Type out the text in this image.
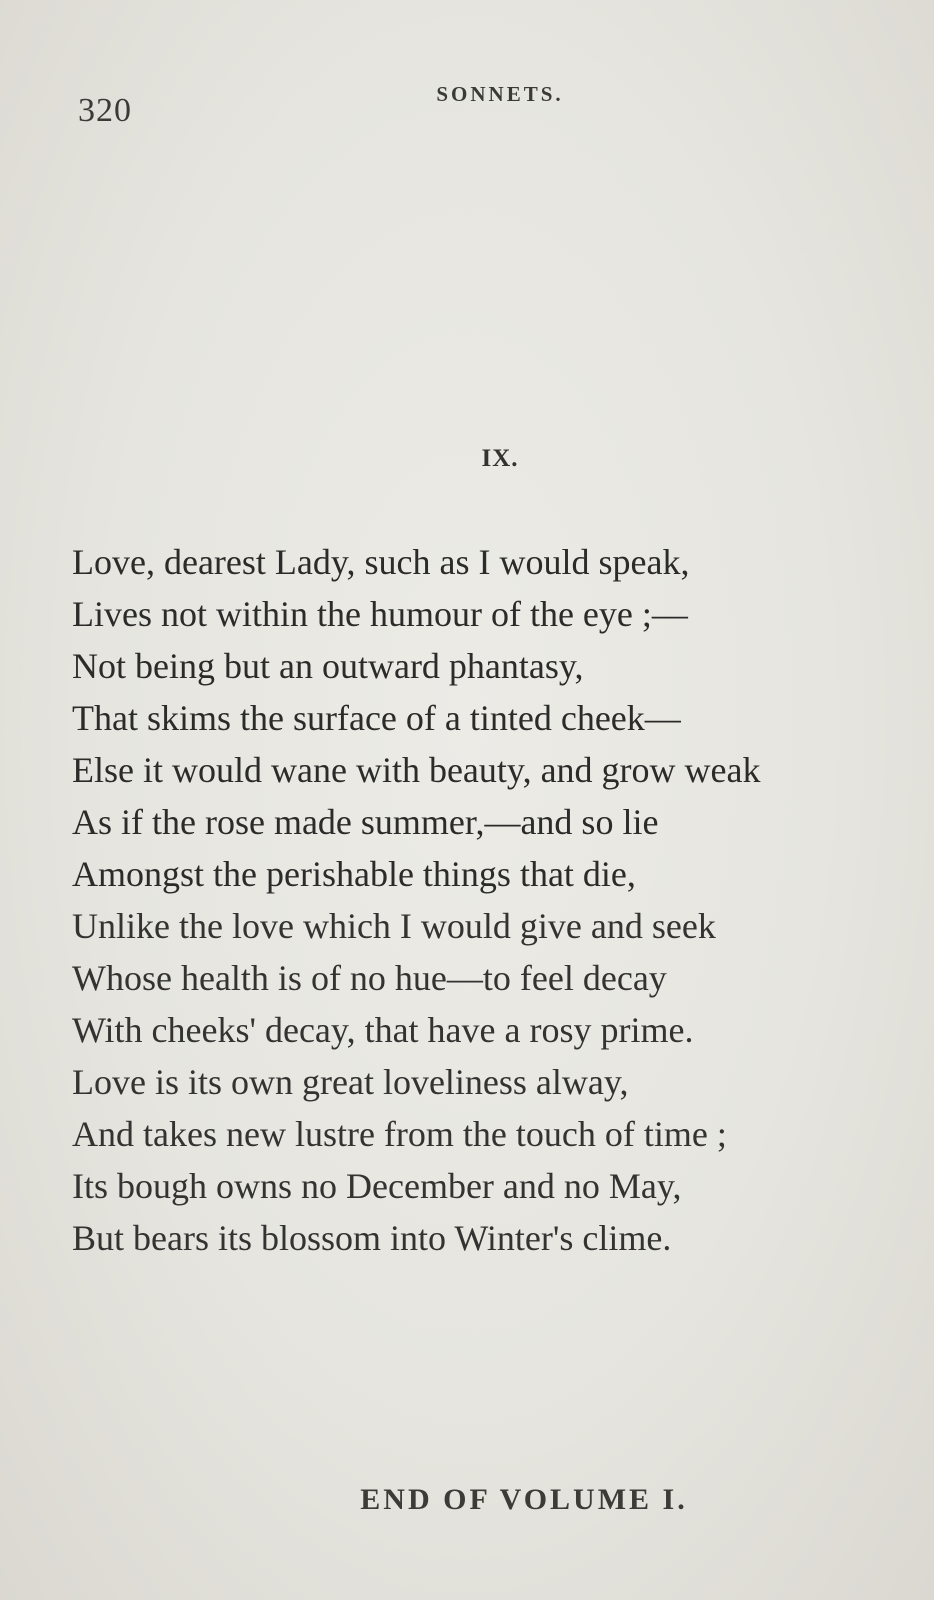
320	SONNETS.
IX.
Love, dearest Lady, such as I would speak,
Lives not within the humour of the eye ;—
Not being but an outward phantasy,
That skims the surface of a tinted cheek—
Else it would wane with beauty, and grow weak
As if the rose made summer,—and so lie
Amongst the perishable things that die,
Unlike the love which I would give and seek
Whose health is of no hue—to feel decay
With cheeks' decay, that have a rosy prime.
Love is its own great loveliness alway,
And takes new lustre from the touch of time ;
Its bough owns no December and no May,
But bears its blossom into Winter's clime.
END OF VOLUME I.
